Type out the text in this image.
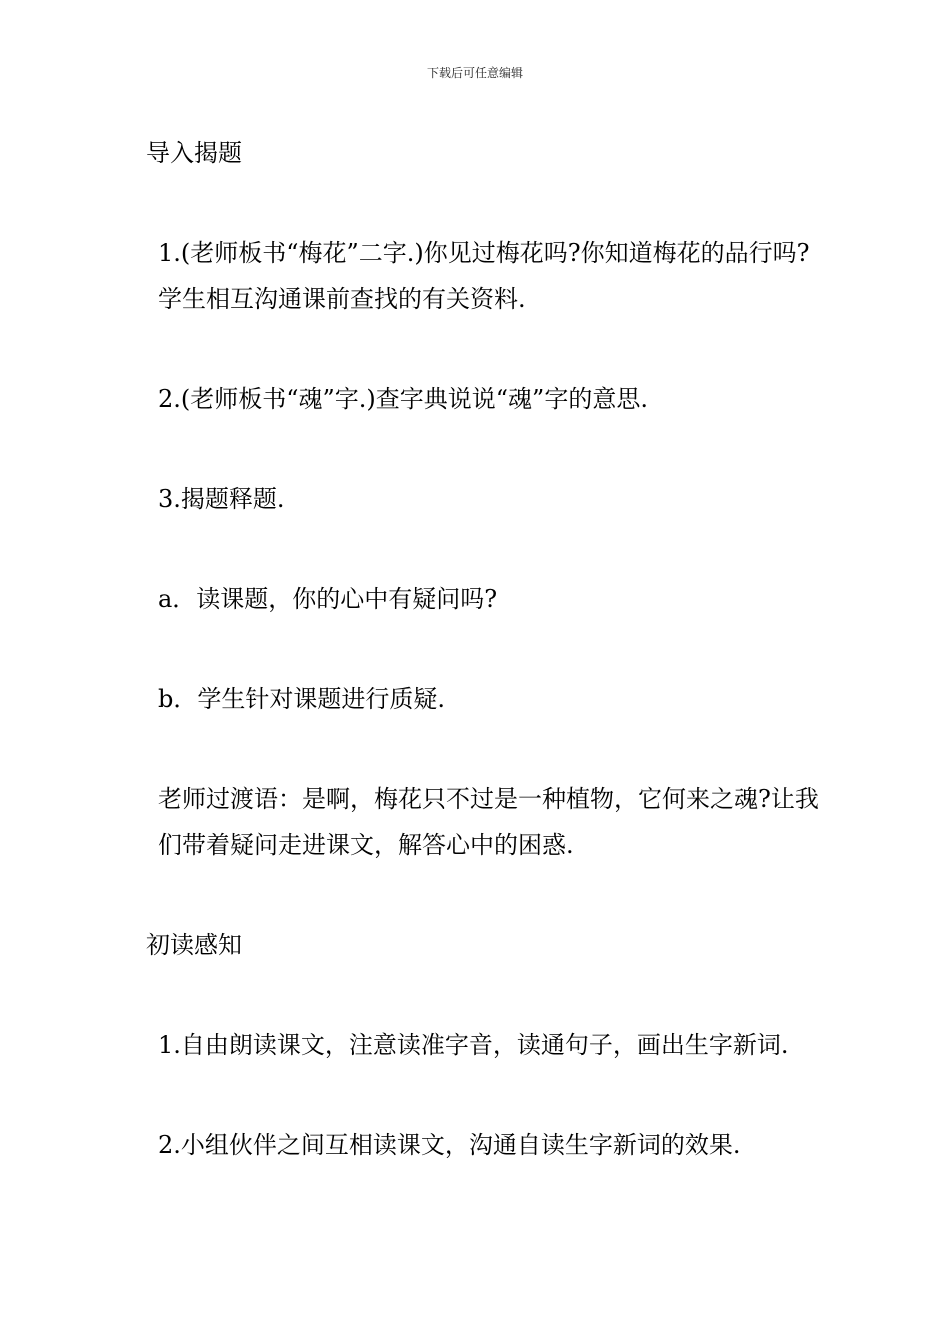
下载后可任意编辑

导入揭题

1.(老师板书“梅花”二字.)你见过梅花吗?你知道梅花的品行吗? 学生相互沟通课前查找的有关资料.

2.(老师板书“魂”字.)查字典说说“魂”字的意思.

3.揭题释题.

a．读课题，你的心中有疑问吗?

b．学生针对课题进行质疑.

老师过渡语：是啊，梅花只不过是一种植物，它何来之魂?让我们带着疑问走进课文，解答心中的困惑.

初读感知

1.自由朗读课文，注意读准字音，读通句子，画出生字新词.

2.小组伙伴之间互相读课文，沟通自读生字新词的效果.
